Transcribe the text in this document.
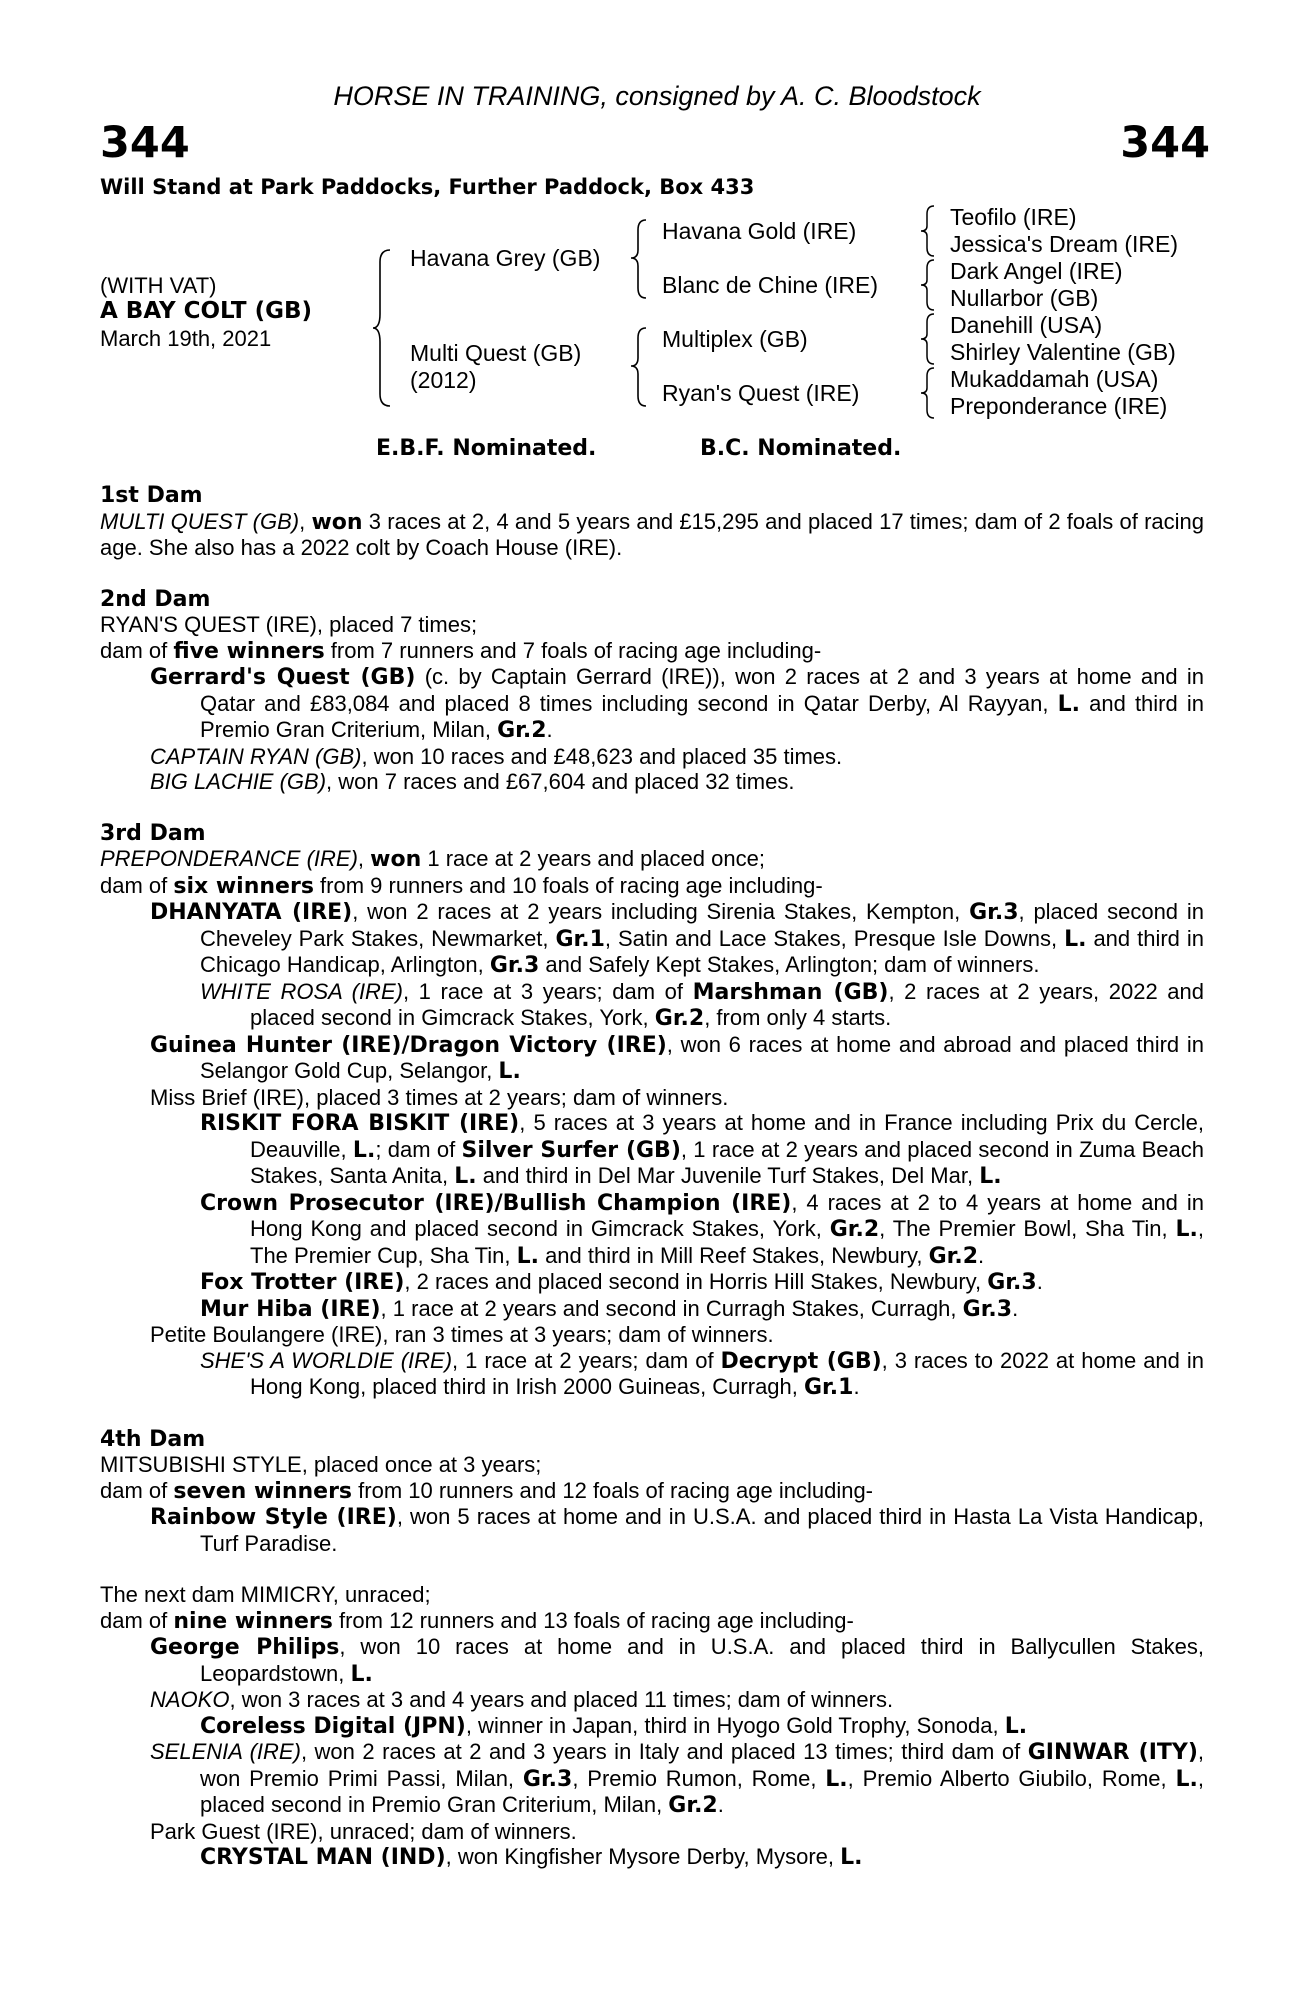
HORSE IN TRAINING, consigned by A. C. Bloodstock
344	344
Will Stand at Park Paddocks, Further Paddock, Box 433
(WITH VAT)
A BAY COLT (GB)
March 19th, 2021
Havana Grey (GB)
Multi Quest (GB)
(2012)
Havana Gold (IRE)
Blanc de Chine (IRE)
Multiplex (GB)
Ryan's Quest (IRE)
Teofilo (IRE)
Jessica's Dream (IRE)
Dark Angel (IRE)
Nullarbor (GB)
Danehill (USA)
Shirley Valentine (GB)
Mukaddamah (USA)
Preponderance (IRE)
E.B.F. Nominated.	B.C. Nominated.
1st Dam
MULTI QUEST (GB), won 3 races at 2, 4 and 5 years and £15,295 and placed 17 times; dam of 2 foals of racing age. She also has a 2022 colt by Coach House (IRE).
2nd Dam
RYAN'S QUEST (IRE), placed 7 times;
dam of five winners from 7 runners and 7 foals of racing age including-
Gerrard's Quest (GB) (c. by Captain Gerrard (IRE)), won 2 races at 2 and 3 years at home and in Qatar and £83,084 and placed 8 times including second in Qatar Derby, Al Rayyan, L. and third in Premio Gran Criterium, Milan, Gr.2.
CAPTAIN RYAN (GB), won 10 races and £48,623 and placed 35 times.
BIG LACHIE (GB), won 7 races and £67,604 and placed 32 times.
3rd Dam
PREPONDERANCE (IRE), won 1 race at 2 years and placed once;
dam of six winners from 9 runners and 10 foals of racing age including-
DHANYATA (IRE), won 2 races at 2 years including Sirenia Stakes, Kempton, Gr.3, placed second in Cheveley Park Stakes, Newmarket, Gr.1, Satin and Lace Stakes, Presque Isle Downs, L. and third in Chicago Handicap, Arlington, Gr.3 and Safely Kept Stakes, Arlington; dam of winners.
WHITE ROSA (IRE), 1 race at 3 years; dam of Marshman (GB), 2 races at 2 years, 2022 and placed second in Gimcrack Stakes, York, Gr.2, from only 4 starts.
Guinea Hunter (IRE)/Dragon Victory (IRE), won 6 races at home and abroad and placed third in Selangor Gold Cup, Selangor, L.
Miss Brief (IRE), placed 3 times at 2 years; dam of winners.
RISKIT FORA BISKIT (IRE), 5 races at 3 years at home and in France including Prix du Cercle, Deauville, L.; dam of Silver Surfer (GB), 1 race at 2 years and placed second in Zuma Beach Stakes, Santa Anita, L. and third in Del Mar Juvenile Turf Stakes, Del Mar, L.
Crown Prosecutor (IRE)/Bullish Champion (IRE), 4 races at 2 to 4 years at home and in Hong Kong and placed second in Gimcrack Stakes, York, Gr.2, The Premier Bowl, Sha Tin, L., The Premier Cup, Sha Tin, L. and third in Mill Reef Stakes, Newbury, Gr.2.
Fox Trotter (IRE), 2 races and placed second in Horris Hill Stakes, Newbury, Gr.3.
Mur Hiba (IRE), 1 race at 2 years and second in Curragh Stakes, Curragh, Gr.3.
Petite Boulangere (IRE), ran 3 times at 3 years; dam of winners.
SHE'S A WORLDIE (IRE), 1 race at 2 years; dam of Decrypt (GB), 3 races to 2022 at home and in Hong Kong, placed third in Irish 2000 Guineas, Curragh, Gr.1.
4th Dam
MITSUBISHI STYLE, placed once at 3 years;
dam of seven winners from 10 runners and 12 foals of racing age including-
Rainbow Style (IRE), won 5 races at home and in U.S.A. and placed third in Hasta La Vista Handicap, Turf Paradise.
The next dam MIMICRY, unraced;
dam of nine winners from 12 runners and 13 foals of racing age including-
George Philips, won 10 races at home and in U.S.A. and placed third in Ballycullen Stakes, Leopardstown, L.
NAOKO, won 3 races at 3 and 4 years and placed 11 times; dam of winners.
Coreless Digital (JPN), winner in Japan, third in Hyogo Gold Trophy, Sonoda, L.
SELENIA (IRE), won 2 races at 2 and 3 years in Italy and placed 13 times; third dam of GINWAR (ITY), won Premio Primi Passi, Milan, Gr.3, Premio Rumon, Rome, L., Premio Alberto Giubilo, Rome, L., placed second in Premio Gran Criterium, Milan, Gr.2.
Park Guest (IRE), unraced; dam of winners.
CRYSTAL MAN (IND), won Kingfisher Mysore Derby, Mysore, L.
